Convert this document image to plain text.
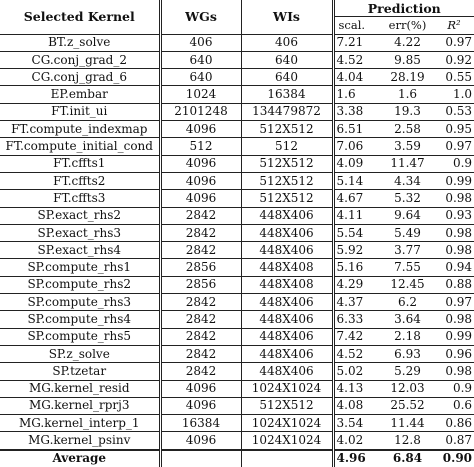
Selected Kernel	WGs	WIs	Prediction		
			scal.	err(%)	R²
BT.z_solve	406	406	7.21	4.22	0.97
CG.conj_grad_2	640	640	4.52	9.85	0.92
CG.conj_grad_6	640	640	4.04	28.19	0.55
EP.embar	1024	16384	1.6	1.6	1.0
FT.init_ui	2101248	134479872	3.38	19.3	0.53
FT.compute_indexmap	4096	512X512	6.51	2.58	0.95
FT.compute_initial_cond	512	512	7.06	3.59	0.97
FT.cffts1	4096	512X512	4.09	11.47	0.9
FT.cffts2	4096	512X512	5.14	4.34	0.99
FT.cffts3	4096	512X512	4.67	5.32	0.98
SP.exact_rhs2	2842	448X406	4.11	9.64	0.93
SP.exact_rhs3	2842	448X406	5.54	5.49	0.98
SP.exact_rhs4	2842	448X406	5.92	3.77	0.98
SP.compute_rhs1	2856	448X408	5.16	7.55	0.94
SP.compute_rhs2	2856	448X408	4.29	12.45	0.88
SP.compute_rhs3	2842	448X406	4.37	6.2	0.97
SP.compute_rhs4	2842	448X406	6.33	3.64	0.98
SP.compute_rhs5	2842	448X406	7.42	2.18	0.99
SP.z_solve	2842	448X406	4.52	6.93	0.96
SP.tzetar	2842	448X406	5.02	5.29	0.98
MG.kernel_resid	4096	1024X1024	4.13	12.03	0.9
MG.kernel_rprj3	4096	512X512	4.08	25.52	0.6
MG.kernel_interp_1	16384	1024X1024	3.54	11.44	0.86
MG.kernel_psinv	4096	1024X1024	4.02	12.8	0.87
Average			4.96	6.84	0.90
